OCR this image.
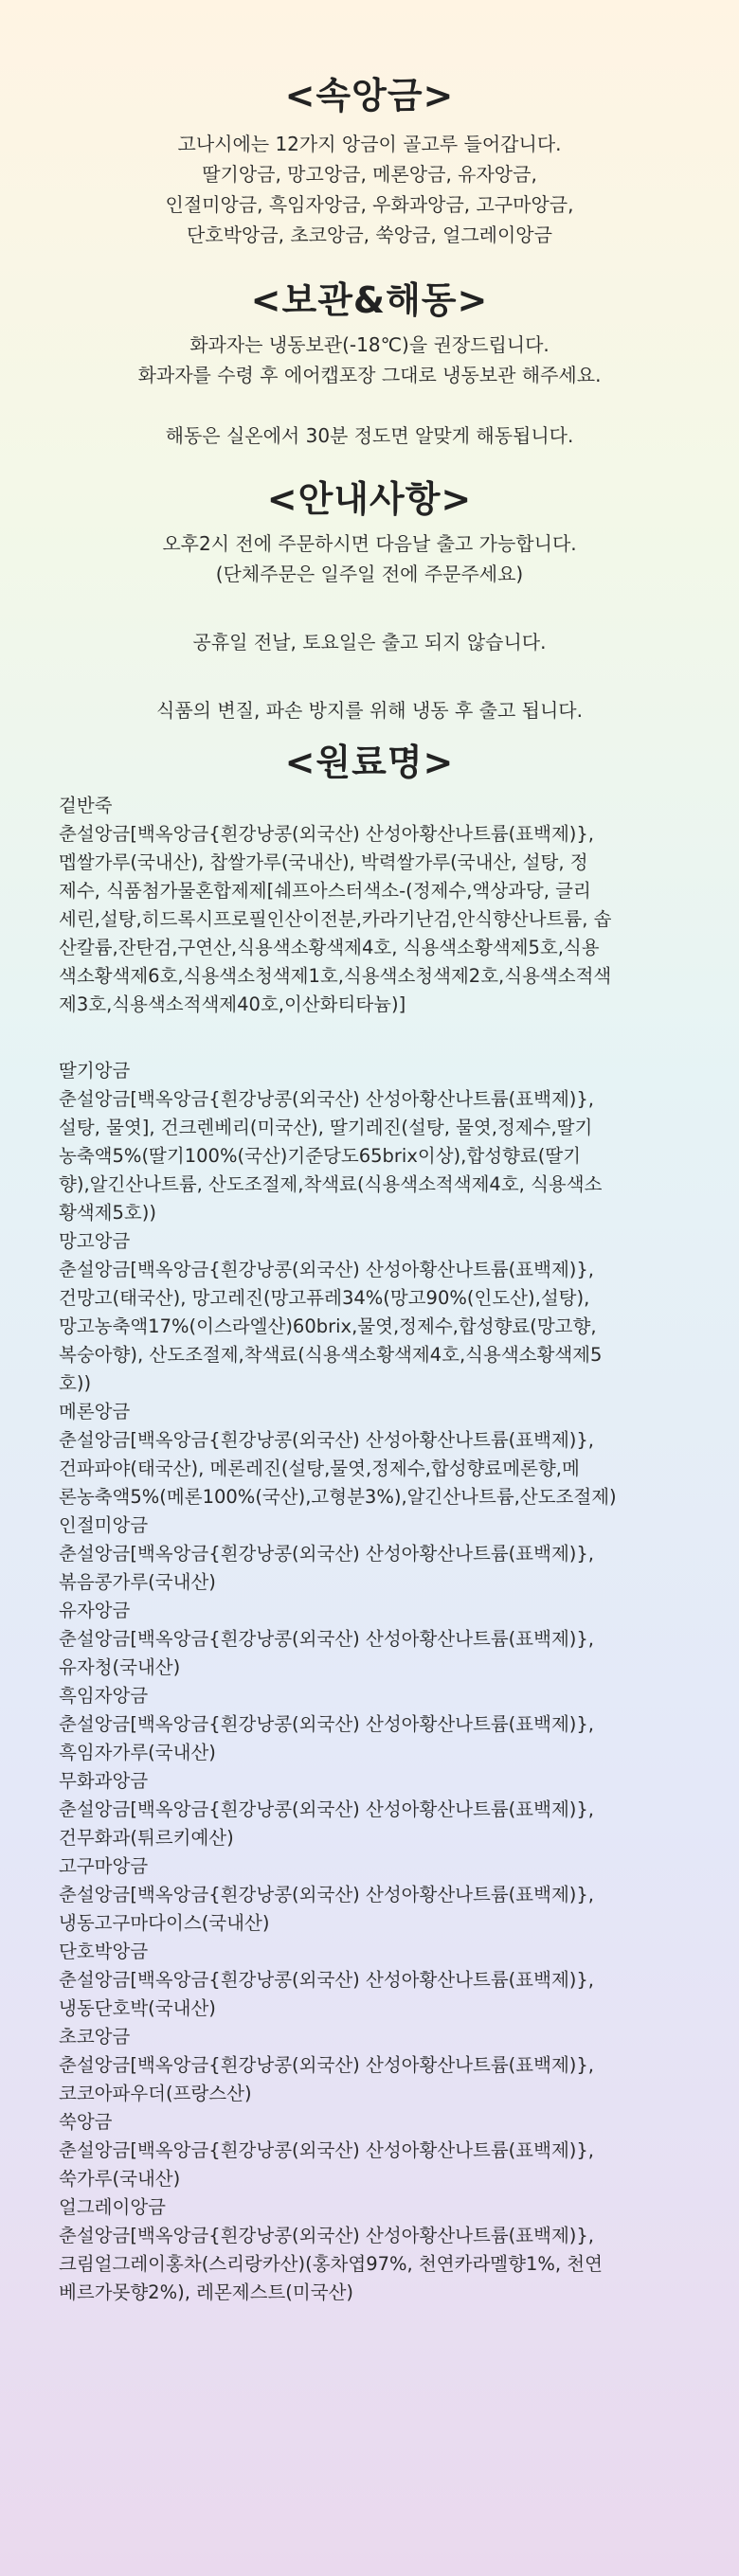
<속앙금>
고나시에는 12가지 앙금이 골고루 들어갑니다.
딸기앙금, 망고앙금, 메론앙금, 유자앙금,
인절미앙금, 흑임자앙금, 우화과앙금, 고구마앙금,
단호박앙금, 초코앙금, 쑥앙금, 얼그레이앙금
<보관&해동>
화과자는 냉동보관(-18℃)을 권장드립니다.
화과자를 수령 후 에어캡포장 그대로 냉동보관 해주세요.
해동은 실온에서 30분 정도면 알맞게 해동됩니다.
<안내사항>
오후2시 전에 주문하시면 다음날 출고 가능합니다.
(단체주문은 일주일 전에 주문주세요)
공휴일 전날, 토요일은 출고 되지 않습니다.
식품의 변질, 파손 방지를 위해 냉동 후 출고 됩니다.
<원료명>
겉반죽
춘설앙금[백옥앙금{흰강낭콩(외국산) 산성아황산나트륨(표백제)},
멥쌀가루(국내산), 찹쌀가루(국내산), 박력쌀가루(국내산, 설탕, 정
제수, 식품첨가물혼합제제[쉐프아스터색소-(정제수,액상과당, 글리
세린,설탕,히드록시프로필인산이전분,카라기난검,안식향산나트륨, 솝
산칼륨,잔탄검,구연산,식용색소황색제4호, 식용색소황색제5호,식용
색소황색제6호,식용색소청색제1호,식용색소청색제2호,식용색소적색
제3호,식용색소적색제40호,이산화티타늄)]
딸기앙금
춘설앙금[백옥앙금{흰강낭콩(외국산) 산성아황산나트륨(표백제)},
설탕, 물엿], 건크렌베리(미국산), 딸기레진(설탕, 물엿,정제수,딸기
농축액5%(딸기100%(국산)기준당도65brix이상),합성향료(딸기
향),알긴산나트륨, 산도조절제,착색료(식용색소적색제4호, 식용색소
황색제5호))
망고앙금
춘설앙금[백옥앙금{흰강낭콩(외국산) 산성아황산나트륨(표백제)},
건망고(태국산), 망고레진(망고퓨레34%(망고90%(인도산),설탕),
망고농축액17%(이스라엘산)60brix,물엿,정제수,합성향료(망고향,
복숭아향), 산도조절제,착색료(식용색소황색제4호,식용색소황색제5
호))
메론앙금
춘설앙금[백옥앙금{흰강낭콩(외국산) 산성아황산나트륨(표백제)},
건파파야(태국산), 메론레진(설탕,물엿,정제수,합성향료메론향,메
론농축액5%(메론100%(국산),고형분3%),알긴산나트륨,산도조절제)
인절미앙금
춘설앙금[백옥앙금{흰강낭콩(외국산) 산성아황산나트륨(표백제)},
볶음콩가루(국내산)
유자앙금
춘설앙금[백옥앙금{흰강낭콩(외국산) 산성아황산나트륨(표백제)},
유자청(국내산)
흑임자앙금
춘설앙금[백옥앙금{흰강낭콩(외국산) 산성아황산나트륨(표백제)},
흑임자가루(국내산)
무화과앙금
춘설앙금[백옥앙금{흰강낭콩(외국산) 산성아황산나트륨(표백제)},
건무화과(튀르키예산)
고구마앙금
춘설앙금[백옥앙금{흰강낭콩(외국산) 산성아황산나트륨(표백제)},
냉동고구마다이스(국내산)
단호박앙금
춘설앙금[백옥앙금{흰강낭콩(외국산) 산성아황산나트륨(표백제)},
냉동단호박(국내산)
초코앙금
춘설앙금[백옥앙금{흰강낭콩(외국산) 산성아황산나트륨(표백제)},
코코아파우더(프랑스산)
쑥앙금
춘설앙금[백옥앙금{흰강낭콩(외국산) 산성아황산나트륨(표백제)},
쑥가루(국내산)
얼그레이앙금
춘설앙금[백옥앙금{흰강낭콩(외국산) 산성아황산나트륨(표백제)},
크림얼그레이홍차(스리랑카산)(홍차엽97%, 천연카라멜향1%, 천연
베르가못향2%), 레몬제스트(미국산)
